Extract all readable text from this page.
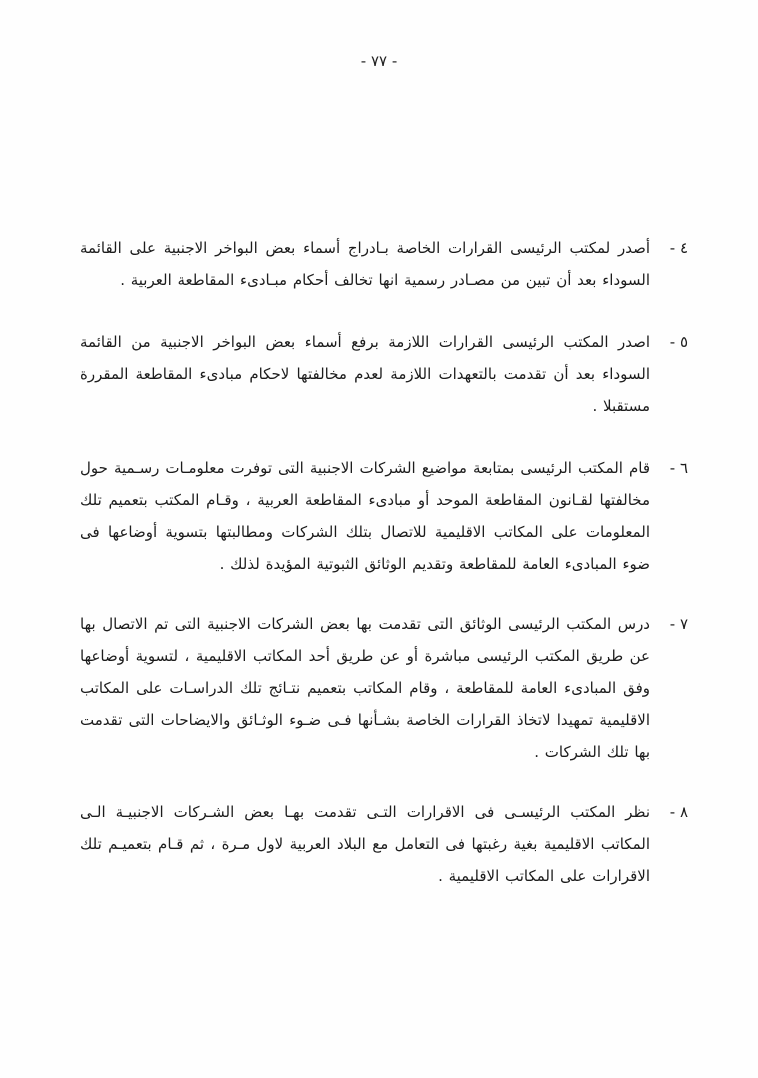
- ٧٧ -
٤ -
أصدر لمكتب الرئيسى القرارات الخاصة بـادراج أسماء بعض البواخر الاجنبية على القائمة السوداء بعد أن تبين من مصـادر رسمية انها تخالف أحكام مبـادىء المقاطعة العربية .
٥ -
اصدر المكتب الرئيسى القرارات اللازمة برفع أسماء بعض البواخر الاجنبية من القائمة السوداء بعد أن تقدمت بالتعهدات اللازمة لعدم مخالفتها لاحكام مبادىء المقاطعة المقررة مستقبلا .
٦ -
قام المكتب الرئيسى بمتابعة مواضيع الشركات الاجنبية التى توفرت معلومـات رسـمية حول مخالفتها لقـانون المقاطعة الموحد أو مبادىء المقاطعة العربية ، وقـام المكتب بتعميم تلك المعلومات على المكاتب الاقليمية للاتصال بتلك الشركات ومطالبتها بتسوية أوضاعها فى ضوء المبادىء العامة للمقاطعة وتقديم الوثائق الثبوتية المؤيدة لذلك .
٧ -
درس المكتب الرئيسى الوثائق التى تقدمت بها بعض الشركات الاجنبية التى تم الاتصال بها عن طريق المكتب الرئيسى مباشرة أو عن طريق أحد المكاتب الاقليمية ، لتسوية أوضاعها وفق المبادىء العامة للمقاطعة ، وقام المكاتب بتعميم نتـائج تلك الدراسـات على المكاتب الاقليمية تمهيدا لاتخاذ القرارات الخاصة بشـأنها فـى ضـوء الوثـائق والايضاحات التى تقدمت بها تلك الشركات .
٨ -
نظر المكتب الرئيسـى فى الاقرارات التـى تقدمت بهـا بعض الشـركات الاجنبيـة الـى المكاتب الاقليمية بغية رغبتها فى التعامل مع البلاد العربية لاول مـرة ، ثم قـام بتعميـم تلك الاقرارات على المكاتب الاقليمية .
